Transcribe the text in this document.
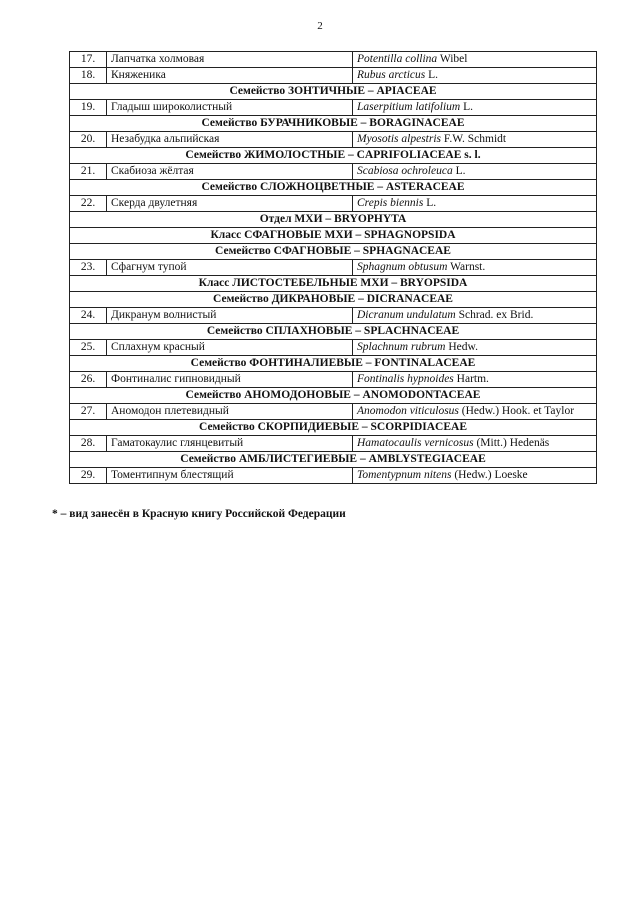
2
17.	Лапчатка холмовая	Potentilla collina Wibel
18.	Княженика	Rubus arcticus L.
Семейство ЗОНТИЧНЫЕ – APIACEAE		
19.	Гладыш широколистный	Laserpitium latifolium L.
Семейство БУРАЧНИКОВЫЕ – BORAGINACEAE		
20.	Незабудка альпийская	Myosotis alpestris F.W. Schmidt
Семейство ЖИМОЛОСТНЫЕ – CAPRIFOLIACEAE s. l.		
21.	Скабиоза жёлтая	Scabiosa ochroleuca L.
Семейство СЛОЖНОЦВЕТНЫЕ – ASTERACEAE		
22.	Скерда двулетняя	Crepis biennis L.
Отдел МХИ – BRYOPHYTA		
Класс СФАГНОВЫЕ МХИ – SPHAGNOPSIDA		
Семейство СФАГНОВЫЕ – SPHAGNACEAE		
23.	Сфагнум тупой	Sphagnum obtusum Warnst.
Класс ЛИСТОСТЕБЕЛЬНЫЕ МХИ – BRYOPSIDA		
Семейство ДИКРАНОВЫЕ – DICRANACEAE		
24.	Дикранум волнистый	Dicranum undulatum Schrad. ex Brid.
Семейство СПЛАХНОВЫЕ – SPLACHNACEAE		
25.	Сплахнум красный	Splachnum rubrum Hedw.
Семейство ФОНТИНАЛИЕВЫЕ – FONTINALACEAE		
26.	Фонтиналис гипновидный	Fontinalis hypnoides Hartm.
Семейство АНОМОДОНОВЫЕ – ANOMODONTACEAE		
27.	Аномодон плетевидный	Anomodon viticulosus (Hedw.) Hook. et Taylor
Семейство СКОРПИДИЕВЫЕ – SCORPIDIACEAE		
28.	Гаматокаулис глянцевитый	Hamatocaulis vernicosus (Mitt.) Hedenäs
Семейство АМБЛИСТЕГИЕВЫЕ – AMBLYSTEGIACEAE		
29.	Томентипнум блестящий	Tomentypnum nitens (Hedw.) Loeske
* – вид занесён в Красную книгу Российской Федерации
